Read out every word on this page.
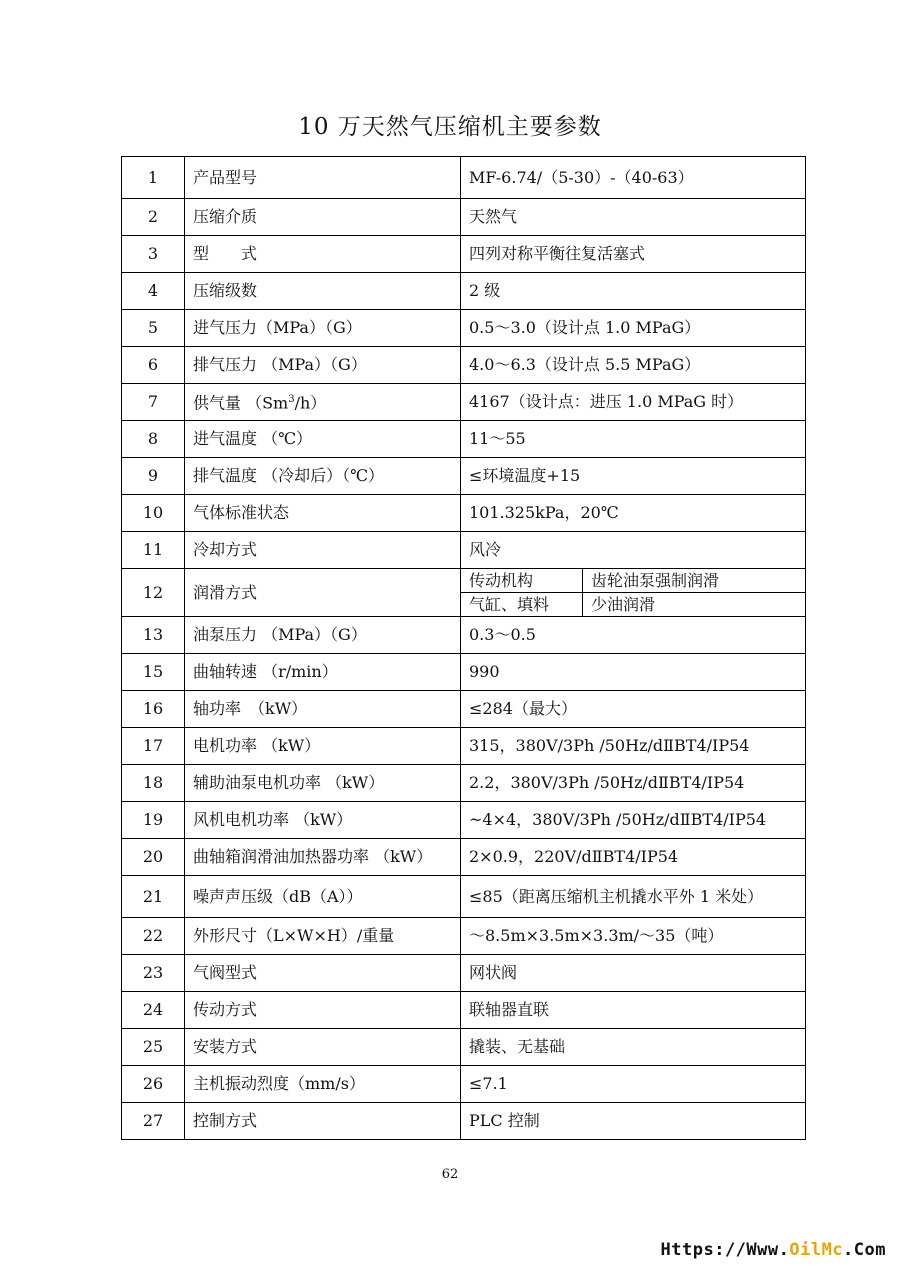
10 万天然气压缩机主要参数
1	产品型号	MF-6.74/（5-30）-（40-63）	
2	压缩介质	天然气	
3	型　　式	四列对称平衡往复活塞式	
4	压缩级数	2 级	
5	进气压力（MPa）（G）	0.5～3.0（设计点 1.0 MPaG）	
6	排气压力 （MPa）（G）	4.0～6.3（设计点 5.5 MPaG）	
7	供气量 （Sm$^3$/h）	4167（设计点：进压 1.0 MPaG 时）	
8	进气温度 （℃）	11～55	
9	排气温度 （冷却后）（℃）	≤环境温度+15	
10	气体标准状态	101.325kPa，20℃	
11	冷却方式	风冷	
12	润滑方式	传动机构	齿轮油泵强制润滑
		气缸、填料	少油润滑
13	油泵压力 （MPa）（G）	0.3～0.5	
15	曲轴转速 （r/min）	990	
16	轴功率　（kW）	≤284（最大）	
17	电机功率 （kW）	315，380V/3Ph /50Hz/dⅡBT4/IP54	
18	辅助油泵电机功率 （kW）	2.2，380V/3Ph /50Hz/dⅡBT4/IP54	
19	风机电机功率 （kW）	~4×4，380V/3Ph /50Hz/dⅡBT4/IP54	
20	曲轴箱润滑油加热器功率 （kW）	2×0.9，220V/dⅡBT4/IP54	
21	噪声声压级（dB（A））	≤85（距离压缩机主机撬水平外 1 米处）	
22	外形尺寸（L×W×H）/重量	～8.5m×3.5m×3.3m/～35（吨）	
23	气阀型式	网状阀	
24	传动方式	联轴器直联	
25	安装方式	撬装、无基础	
26	主机振动烈度（mm/s）	≤7.1	
27	控制方式	PLC 控制	
62
Https://Www.OilMc.Com
